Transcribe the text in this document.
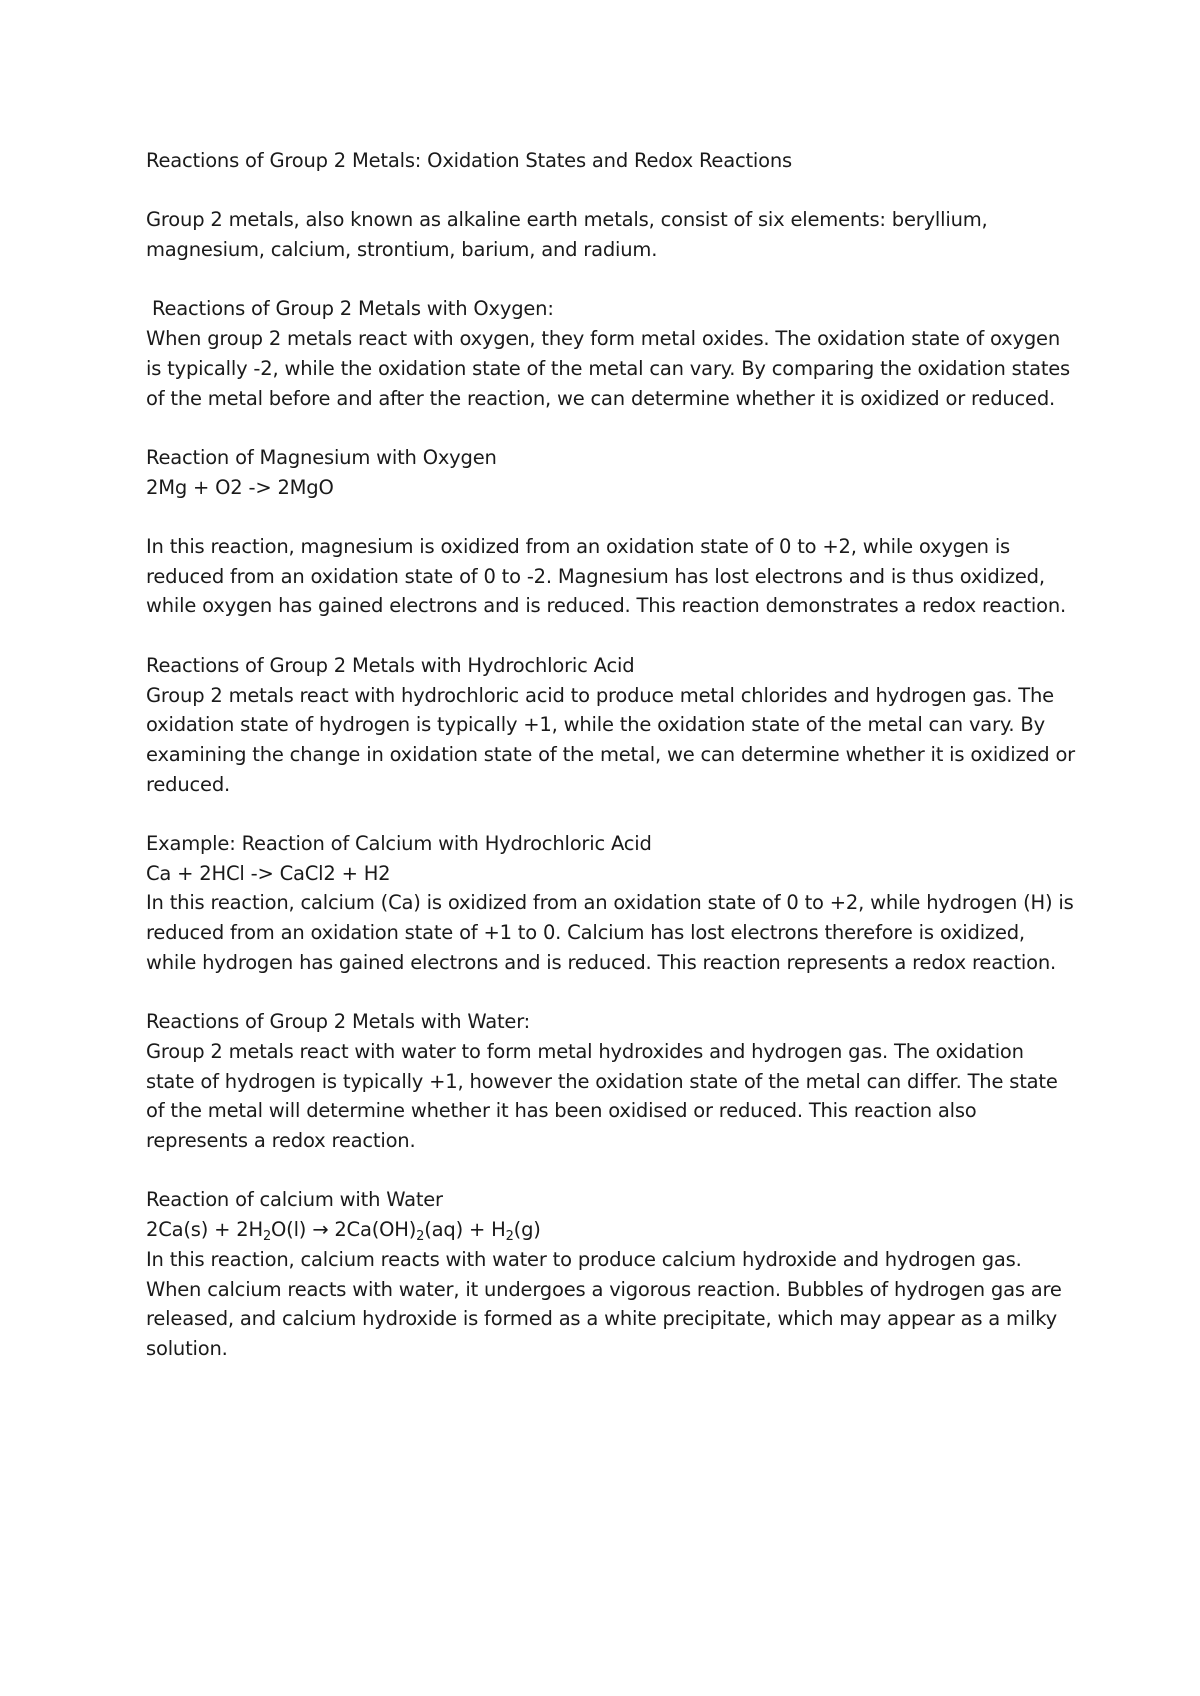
Reactions of Group 2 Metals: Oxidation States and Redox Reactions

Group 2 metals, also known as alkaline earth metals, consist of six elements: beryllium, magnesium, calcium, strontium, barium, and radium.

Reactions of Group 2 Metals with Oxygen:

When group 2 metals react with oxygen, they form metal oxides. The oxidation state of oxygen is typically -2, while the oxidation state of the metal can vary. By comparing the oxidation states of the metal before and after the reaction, we can determine whether it is oxidized or reduced.

Reaction of Magnesium with Oxygen

2Mg + O2 -> 2MgO

In this reaction, magnesium is oxidized from an oxidation state of 0 to +2, while oxygen is reduced from an oxidation state of 0 to -2. Magnesium has lost electrons and is thus oxidized, while oxygen has gained electrons and is reduced. This reaction demonstrates a redox reaction.

Reactions of Group 2 Metals with Hydrochloric Acid

Group 2 metals react with hydrochloric acid to produce metal chlorides and hydrogen gas. The oxidation state of hydrogen is typically +1, while the oxidation state of the metal can vary. By examining the change in oxidation state of the metal, we can determine whether it is oxidized or reduced.

Example: Reaction of Calcium with Hydrochloric Acid

Ca + 2HCl -> CaCl2 + H2

In this reaction, calcium (Ca) is oxidized from an oxidation state of 0 to +2, while hydrogen (H) is reduced from an oxidation state of +1 to 0. Calcium has lost electrons therefore is oxidized, while hydrogen has gained electrons and is reduced. This reaction represents a redox reaction.

Reactions of Group 2 Metals with Water:

Group 2 metals react with water to form metal hydroxides and hydrogen gas. The oxidation state of hydrogen is typically +1, however the oxidation state of the metal can differ. The state of the metal will determine whether it has been oxidised or reduced. This reaction also represents a redox reaction.

Reaction of calcium with Water

$2Ca(s) + 2H_2O(l) \to 2Ca(OH)_2(aq) + H_2(g)$

In this reaction, calcium reacts with water to produce calcium hydroxide and hydrogen gas. When calcium reacts with water, it undergoes a vigorous reaction. Bubbles of hydrogen gas are released, and calcium hydroxide is formed as a white precipitate, which may appear as a milky solution.
